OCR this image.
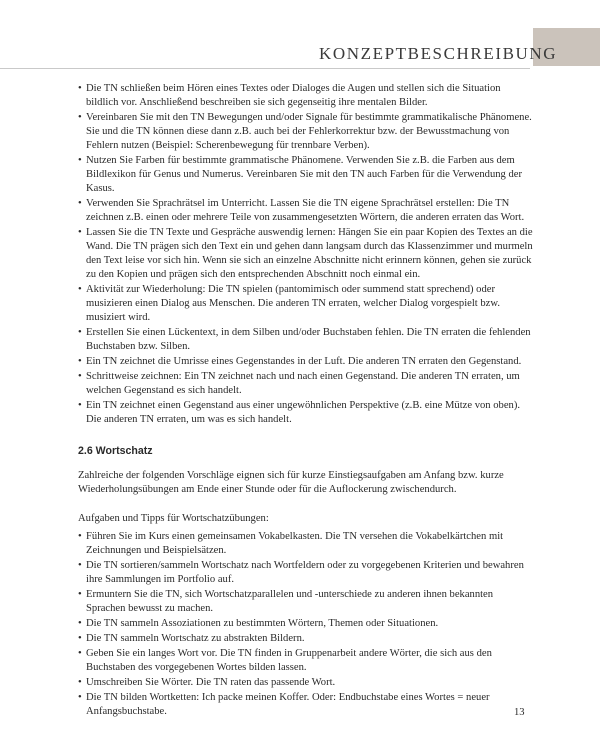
KONZEPTBESCHREIBUNG
• Die TN schließen beim Hören eines Textes oder Dialoges die Augen und stellen sich die Situation bildlich vor. Anschließend beschreiben sie sich gegenseitig ihre mentalen Bilder.
• Vereinbaren Sie mit den TN Bewegungen und/oder Signale für bestimmte grammatikalische Phänomene. Sie und die TN können diese dann z.B. auch bei der Fehlerkorrektur bzw. der Bewusstmachung von Fehlern nutzen (Beispiel: Scherenbewegung für trennbare Verben).
• Nutzen Sie Farben für bestimmte grammatische Phänomene. Verwenden Sie z.B. die Farben aus dem Bildlexikon für Genus und Numerus. Vereinbaren Sie mit den TN auch Farben für die Verwendung der Kasus.
• Verwenden Sie Sprachrätsel im Unterricht. Lassen Sie die TN eigene Sprachrätsel erstellen: Die TN zeichnen z.B. einen oder mehrere Teile von zusammengesetzten Wörtern, die anderen erraten das Wort.
• Lassen Sie die TN Texte und Gespräche auswendig lernen: Hängen Sie ein paar Kopien des Textes an die Wand. Die TN prägen sich den Text ein und gehen dann langsam durch das Klassenzimmer und murmeln den Text leise vor sich hin. Wenn sie sich an einzelne Abschnitte nicht erinnern können, gehen sie zurück zu den Kopien und prägen sich den entsprechenden Abschnitt noch einmal ein.
• Aktivität zur Wiederholung: Die TN spielen (pantomimisch oder summend statt sprechend) oder musizieren einen Dialog aus Menschen. Die anderen TN erraten, welcher Dialog vorgespielt bzw. musiziert wird.
• Erstellen Sie einen Lückentext, in dem Silben und/oder Buchstaben fehlen. Die TN erraten die fehlenden Buchstaben bzw. Silben.
• Ein TN zeichnet die Umrisse eines Gegenstandes in der Luft. Die anderen TN erraten den Gegenstand.
• Schrittweise zeichnen: Ein TN zeichnet nach und nach einen Gegenstand. Die anderen TN erraten, um welchen Gegenstand es sich handelt.
• Ein TN zeichnet einen Gegenstand aus einer ungewöhnlichen Perspektive (z.B. eine Mütze von oben). Die anderen TN erraten, um was es sich handelt.
2.6 Wortschatz

Zahlreiche der folgenden Vorschläge eignen sich für kurze Einstiegsaufgaben am Anfang bzw. kurze Wiederholungsübungen am Ende einer Stunde oder für die Auflockerung zwischendurch.

Aufgaben und Tipps für Wortschatzübungen:

• Führen Sie im Kurs einen gemeinsamen Vokabelkasten. Die TN versehen die Vokabelkärtchen mit Zeichnungen und Beispielsätzen.
• Die TN sortieren/sammeln Wortschatz nach Wortfeldern oder zu vorgegebenen Kriterien und bewahren ihre Sammlungen im Portfolio auf.
• Ermuntern Sie die TN, sich Wortschatzparallelen und -unterschiede zu anderen ihnen bekannten Sprachen bewusst zu machen.
• Die TN sammeln Assoziationen zu bestimmten Wörtern, Themen oder Situationen.
• Die TN sammeln Wortschatz zu abstrakten Bildern.
• Geben Sie ein langes Wort vor. Die TN finden in Gruppenarbeit andere Wörter, die sich aus den Buchstaben des vorgegebenen Wortes bilden lassen.
• Umschreiben Sie Wörter. Die TN raten das passende Wort.
• Die TN bilden Wortketten: Ich packe meinen Koffer. Oder: Endbuchstabe eines Wortes = neuer Anfangsbuchstabe.	13
